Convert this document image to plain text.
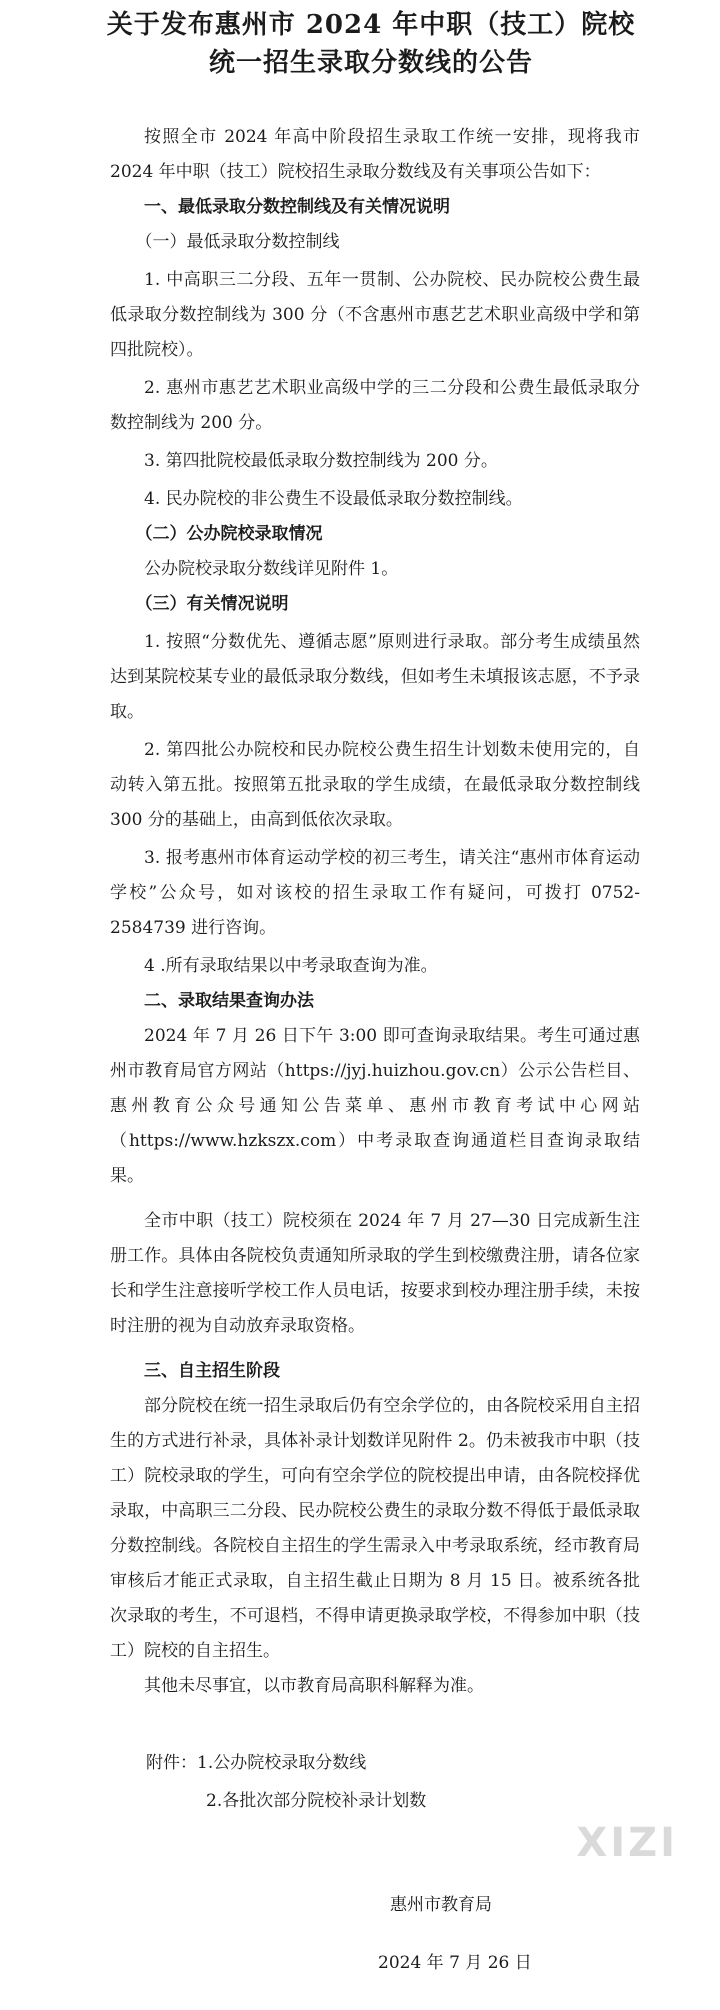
关于发布惠州市 2024 年中职（技工）院校
统一招生录取分数线的公告

按照全市 2024 年高中阶段招生录取工作统一安排，现将我市 2024 年中职（技工）院校招生录取分数线及有关事项公告如下：

一、最低录取分数控制线及有关情况说明

（一）最低录取分数控制线

1. 中高职三二分段、五年一贯制、公办院校、民办院校公费生最低录取分数控制线为 300 分（不含惠州市惠艺艺术职业高级中学和第四批院校）。

2. 惠州市惠艺艺术职业高级中学的三二分段和公费生最低录取分数控制线为 200 分。

3. 第四批院校最低录取分数控制线为 200 分。

4. 民办院校的非公费生不设最低录取分数控制线。

（二）公办院校录取情况

公办院校录取分数线详见附件 1。

（三）有关情况说明

1. 按照“分数优先、遵循志愿”原则进行录取。部分考生成绩虽然达到某院校某专业的最低录取分数线，但如考生未填报该志愿，不予录取。

2. 第四批公办院校和民办院校公费生招生计划数未使用完的，自动转入第五批。按照第五批录取的学生成绩，在最低录取分数控制线 300 分的基础上，由高到低依次录取。

3. 报考惠州市体育运动学校的初三考生，请关注“惠州市体育运动学校”公众号，如对该校的招生录取工作有疑问，可拨打 0752-2584739 进行咨询。

4 .所有录取结果以中考录取查询为准。

二、录取结果查询办法

2024 年 7 月 26 日下午 3:00 即可查询录取结果。考生可通过惠州市教育局官方网站（https://jyj.huizhou.gov.cn）公示公告栏目、惠州教育公众号通知公告菜单、惠州市教育考试中心网站（https://www.hzkszx.com）中考录取查询通道栏目查询录取结果。

全市中职（技工）院校须在 2024 年 7 月 27—30 日完成新生注册工作。具体由各院校负责通知所录取的学生到校缴费注册，请各位家长和学生注意接听学校工作人员电话，按要求到校办理注册手续，未按时注册的视为自动放弃录取资格。

三、自主招生阶段

部分院校在统一招生录取后仍有空余学位的，由各院校采用自主招生的方式进行补录，具体补录计划数详见附件 2。仍未被我市中职（技工）院校录取的学生，可向有空余学位的院校提出申请，由各院校择优录取，中高职三二分段、民办院校公费生的录取分数不得低于最低录取分数控制线。各院校自主招生的学生需录入中考录取系统，经市教育局审核后才能正式录取，自主招生截止日期为 8 月 15 日。被系统各批次录取的考生，不可退档，不得申请更换录取学校，不得参加中职（技工）院校的自主招生。

其他未尽事宜，以市教育局高职科解释为准。

附件：1.公办院校录取分数线
2.各批次部分院校补录计划数
惠州市教育局
2024 年 7 月 26 日
XIZI
